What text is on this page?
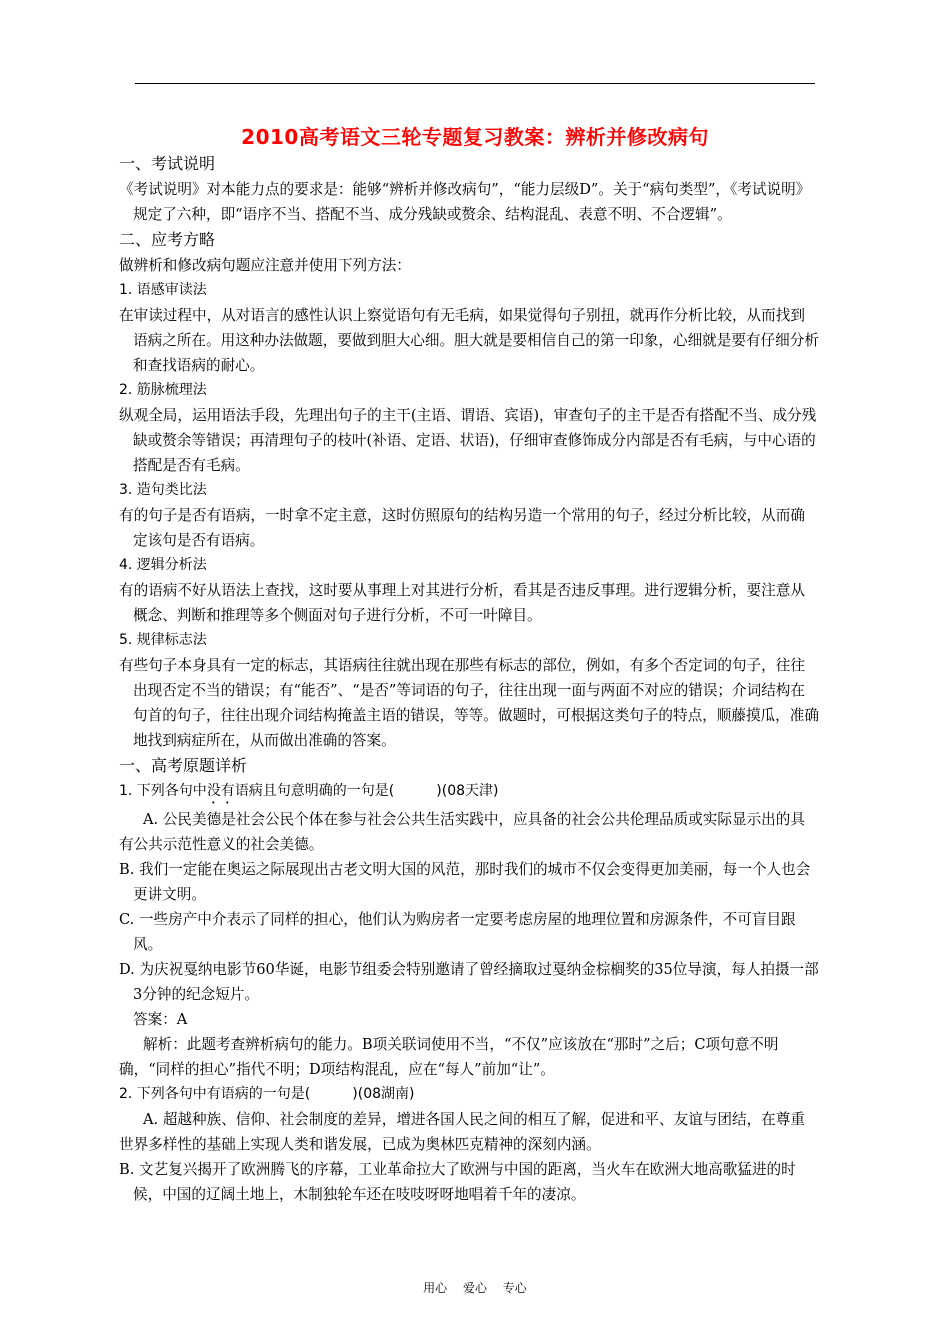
2010高考语文三轮专题复习教案：辨析并修改病句

一、考试说明

《考试说明》对本能力点的要求是：能够“辨析并修改病句”，“能力层级D”。关于“病句类型”，《考试说明》规定了六种，即“语序不当、搭配不当、成分残缺或赘余、结构混乱、表意不明、不合逻辑”。

二、应考方略

做辨析和修改病句题应注意并使用下列方法：

1. 语感审读法

在审读过程中，从对语言的感性认识上察觉语句有无毛病，如果觉得句子别扭，就再作分析比较，从而找到语病之所在。用这种办法做题，要做到胆大心细。胆大就是要相信自己的第一印象，心细就是要有仔细分析和查找语病的耐心。

2. 筋脉梳理法

纵观全局，运用语法手段，先理出句子的主干(主语、谓语、宾语)，审查句子的主干是否有搭配不当、成分残缺或赘余等错误；再清理句子的枝叶(补语、定语、状语)，仔细审查修饰成分内部是否有毛病，与中心语的搭配是否有毛病。

3. 造句类比法

有的句子是否有语病，一时拿不定主意，这时仿照原句的结构另造一个常用的句子，经过分析比较，从而确定该句是否有语病。

4. 逻辑分析法

有的语病不好从语法上查找，这时要从事理上对其进行分析，看其是否违反事理。进行逻辑分析，要注意从概念、判断和推理等多个侧面对句子进行分析，不可一叶障目。

5. 规律标志法

有些句子本身具有一定的标志，其语病往往就出现在那些有标志的部位，例如，有多个否定词的句子，往往出现否定不当的错误；有“能否”、“是否”等词语的句子，往往出现一面与两面不对应的错误；介词结构在句首的句子，往往出现介词结构掩盖主语的错误，等等。做题时，可根据这类句子的特点，顺藤摸瓜，准确地找到病症所在，从而做出准确的答案。

一、高考原题详析

1. 下列各句中没有语病且句意明确的一句是(　　　)(08天津)

A. 公民美德是社会公民个体在参与社会公共生活实践中，应具备的社会公共伦理品质或实际显示出的具有公共示范性意义的社会美德。

B. 我们一定能在奥运之际展现出古老文明大国的风范，那时我们的城市不仅会变得更加美丽，每一个人也会更讲文明。

C. 一些房产中介表示了同样的担心，他们认为购房者一定要考虑房屋的地理位置和房源条件，不可盲目跟风。

D. 为庆祝戛纳电影节60华诞，电影节组委会特别邀请了曾经摘取过戛纳金棕榈奖的35位导演，每人拍摄一部3分钟的纪念短片。

答案：A

解析：此题考查辨析病句的能力。B项关联词使用不当，“不仅”应该放在“那时”之后；C项句意不明确，“同样的担心”指代不明；D项结构混乱，应在“每人”前加“让”。

2. 下列各句中有语病的一句是(　　　)(08湖南)

A. 超越种族、信仰、社会制度的差异，增进各国人民之间的相互了解，促进和平、友谊与团结，在尊重世界多样性的基础上实现人类和谐发展，已成为奥林匹克精神的深刻内涵。

B. 文艺复兴揭开了欧洲腾飞的序幕，工业革命拉大了欧洲与中国的距离，当火车在欧洲大地高歌猛进的时候，中国的辽阔土地上，木制独轮车还在吱吱呀呀地唱着千年的凄凉。

用心 爱心 专心
